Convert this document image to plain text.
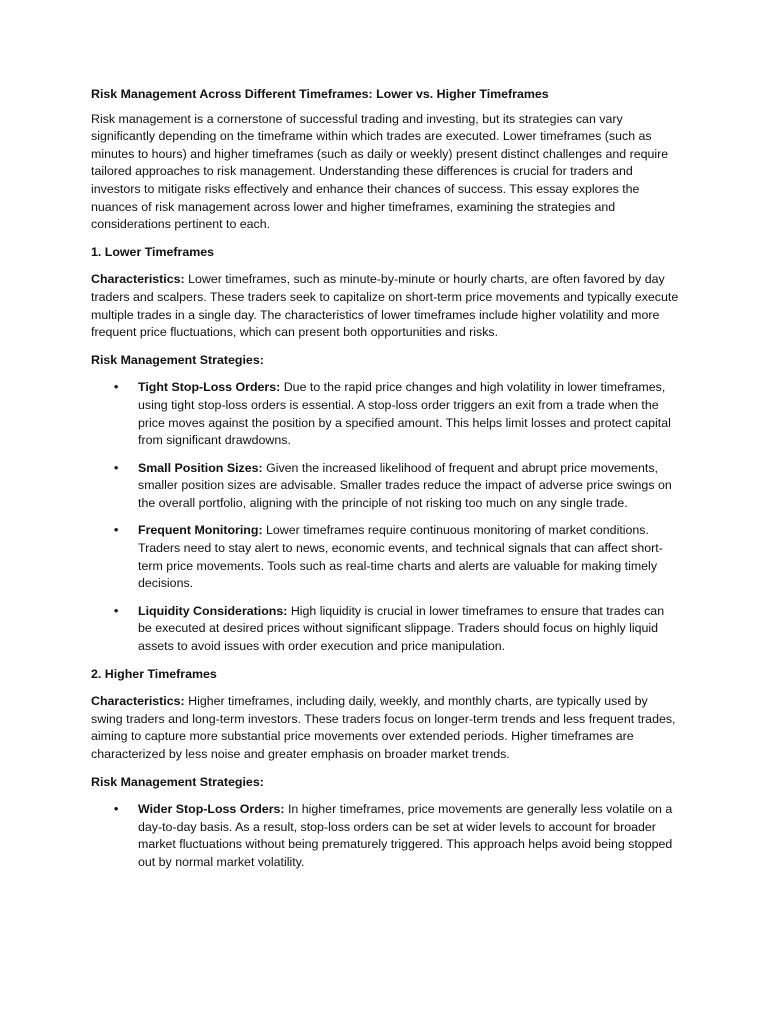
Risk Management Across Different Timeframes: Lower vs. Higher Timeframes

Risk management is a cornerstone of successful trading and investing, but its strategies can vary significantly depending on the timeframe within which trades are executed. Lower timeframes (such as minutes to hours) and higher timeframes (such as daily or weekly) present distinct challenges and require tailored approaches to risk management. Understanding these differences is crucial for traders and investors to mitigate risks effectively and enhance their chances of success. This essay explores the nuances of risk management across lower and higher timeframes, examining the strategies and considerations pertinent to each.

1. Lower Timeframes

Characteristics: Lower timeframes, such as minute-by-minute or hourly charts, are often favored by day traders and scalpers. These traders seek to capitalize on short-term price movements and typically execute multiple trades in a single day. The characteristics of lower timeframes include higher volatility and more frequent price fluctuations, which can present both opportunities and risks.

Risk Management Strategies:
• Tight Stop-Loss Orders: Due to the rapid price changes and high volatility in lower timeframes, using tight stop-loss orders is essential. A stop-loss order triggers an exit from a trade when the price moves against the position by a specified amount. This helps limit losses and protect capital from significant drawdowns.
• Small Position Sizes: Given the increased likelihood of frequent and abrupt price movements, smaller position sizes are advisable. Smaller trades reduce the impact of adverse price swings on the overall portfolio, aligning with the principle of not risking too much on any single trade.
• Frequent Monitoring: Lower timeframes require continuous monitoring of market conditions. Traders need to stay alert to news, economic events, and technical signals that can affect short-term price movements. Tools such as real-time charts and alerts are valuable for making timely decisions.
• Liquidity Considerations: High liquidity is crucial in lower timeframes to ensure that trades can be executed at desired prices without significant slippage. Traders should focus on highly liquid assets to avoid issues with order execution and price manipulation.
2. Higher Timeframes

Characteristics: Higher timeframes, including daily, weekly, and monthly charts, are typically used by swing traders and long-term investors. These traders focus on longer-term trends and less frequent trades, aiming to capture more substantial price movements over extended periods. Higher timeframes are characterized by less noise and greater emphasis on broader market trends.

Risk Management Strategies:
• Wider Stop-Loss Orders: In higher timeframes, price movements are generally less volatile on a day-to-day basis. As a result, stop-loss orders can be set at wider levels to account for broader market fluctuations without being prematurely triggered. This approach helps avoid being stopped out by normal market volatility.
